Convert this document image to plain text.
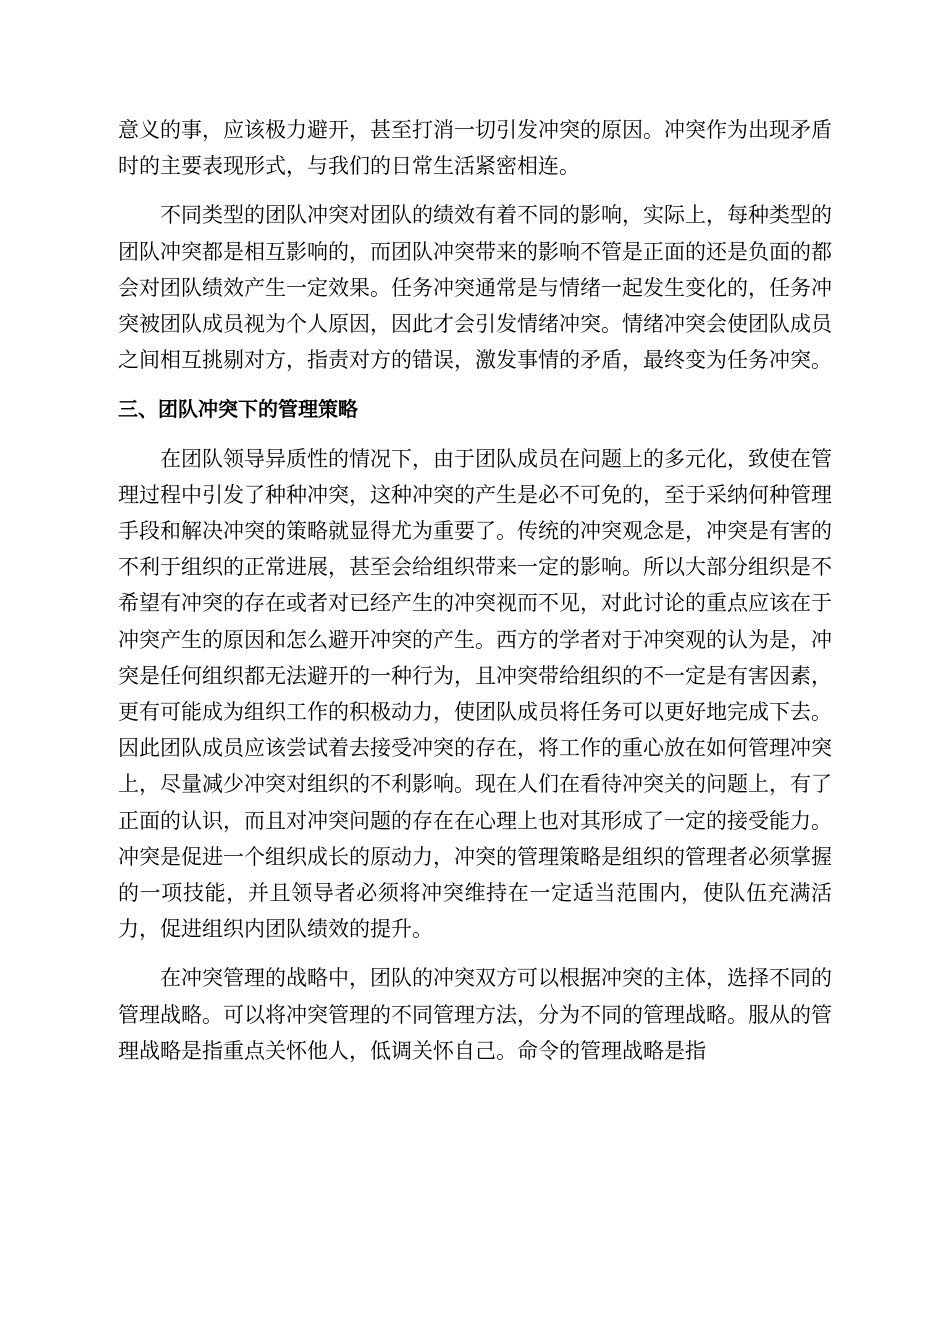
意义的事，应该极力避开，甚至打消一切引发冲突的原因。冲突作为出现矛盾时的主要表现形式，与我们的日常生活紧密相连。

不同类型的团队冲突对团队的绩效有着不同的影响，实际上，每种类型的团队冲突都是相互影响的，而团队冲突带来的影响不管是正面的还是负面的都会对团队绩效产生一定效果。任务冲突通常是与情绪一起发生变化的，任务冲突被团队成员视为个人原因，因此才会引发情绪冲突。情绪冲突会使团队成员之间相互挑剔对方，指责对方的错误，激发事情的矛盾，最终变为任务冲突。

三、团队冲突下的管理策略

在团队领导异质性的情况下，由于团队成员在问题上的多元化，致使在管理过程中引发了种种冲突，这种冲突的产生是必不可免的，至于采纳何种管理手段和解决冲突的策略就显得尤为重要了。传统的冲突观念是，冲突是有害的不利于组织的正常进展，甚至会给组织带来一定的影响。所以大部分组织是不希望有冲突的存在或者对已经产生的冲突视而不见，对此讨论的重点应该在于冲突产生的原因和怎么避开冲突的产生。西方的学者对于冲突观的认为是，冲突是任何组织都无法避开的一种行为，且冲突带给组织的不一定是有害因素，更有可能成为组织工作的积极动力，使团队成员将任务可以更好地完成下去。因此团队成员应该尝试着去接受冲突的存在，将工作的重心放在如何管理冲突上，尽量减少冲突对组织的不利影响。现在人们在看待冲突关的问题上，有了正面的认识，而且对冲突问题的存在在心理上也对其形成了一定的接受能力。冲突是促进一个组织成长的原动力，冲突的管理策略是组织的管理者必须掌握的一项技能，并且领导者必须将冲突维持在一定适当范围内，使队伍充满活力，促进组织内团队绩效的提升。

在冲突管理的战略中，团队的冲突双方可以根据冲突的主体，选择不同的管理战略。可以将冲突管理的不同管理方法，分为不同的管理战略。服从的管理战略是指重点关怀他人，低调关怀自己。命令的管理战略是指
